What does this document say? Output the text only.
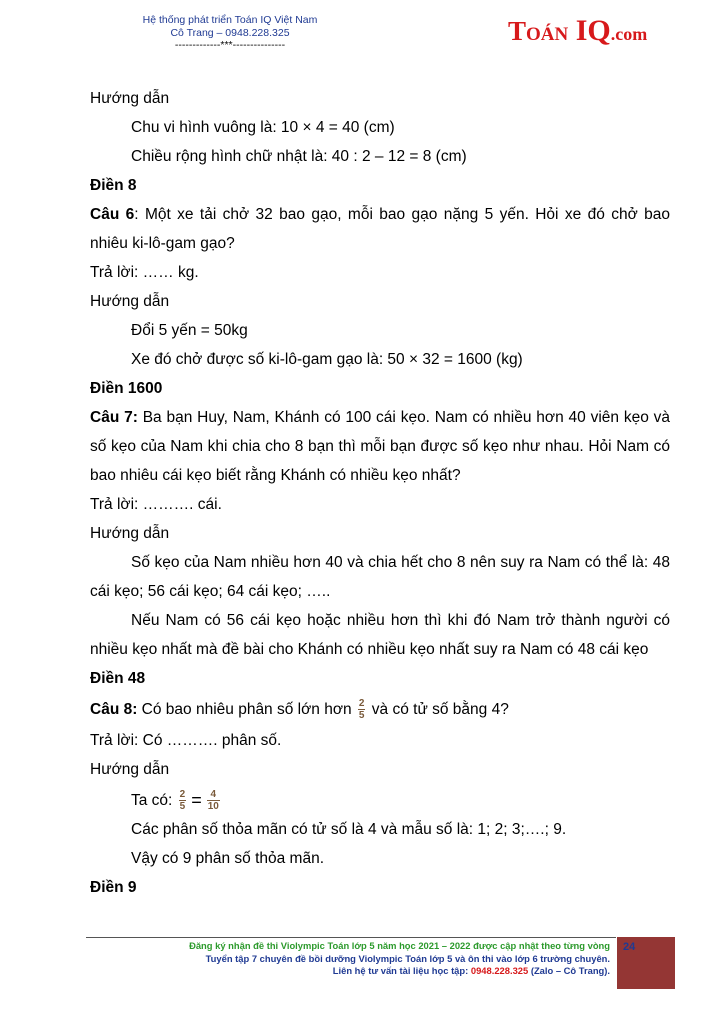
Hệ thống phát triển Toán IQ Việt Nam
Cô Trang – 0948.228.325
-------------***---------------	TOÁN IQ.com

Hướng dẫn

Chu vi hình vuông là: 10 × 4 = 40 (cm)

Chiều rộng hình chữ nhật là: 40 : 2 – 12 = 8 (cm)

Điền 8

Câu 6: Một xe tải chở 32 bao gạo, mỗi bao gạo nặng 5 yến. Hỏi xe đó chở bao nhiêu ki-lô-gam gạo?

Trả lời: …… kg.

Hướng dẫn

Đổi 5 yến = 50kg

Xe đó chở được số ki-lô-gam gạo là: 50 × 32 = 1600 (kg)

Điền 1600

Câu 7: Ba bạn Huy, Nam, Khánh có 100 cái kẹo. Nam có nhiều hơn 40 viên kẹo và số kẹo của Nam khi chia cho 8 bạn thì mỗi bạn được số kẹo như nhau. Hỏi Nam có bao nhiêu cái kẹo biết rằng Khánh có nhiều kẹo nhất?

Trả lời: ………. cái.

Hướng dẫn

Số kẹo của Nam nhiều hơn 40 và chia hết cho 8 nên suy ra Nam có thể là: 48 cái kẹo; 56 cái kẹo; 64 cái kẹo; …..

Nếu Nam có 56 cái kẹo hoặc nhiều hơn thì khi đó Nam trở thành người có nhiều kẹo nhất mà đề bài cho Khánh có nhiều kẹo nhất suy ra Nam có 48 cái kẹo

Điền 48

Câu 8: Có bao nhiêu phân số lớn hơn $\frac{2}{5}$ và có tử số bằng 4?

Trả lời: Có ………. phân số.

Hướng dẫn

Ta có: $\frac{2}{5} = \frac{4}{10}$

Các phân số thỏa mãn có tử số là 4 và mẫu số là: 1; 2; 3;….; 9.

Vậy có 9 phân số thỏa mãn.

Điền 9

Đăng ký nhận đề thi Violympic Toán lớp 5 năm học 2021 – 2022 được cập nhật theo từng vòng
Tuyển tập 7 chuyên đề bồi dưỡng Violympic Toán lớp 5 và ôn thi vào lớp 6 trường chuyên.
Liên hệ tư vấn tài liệu học tập: 0948.228.325 (Zalo – Cô Trang).
24
